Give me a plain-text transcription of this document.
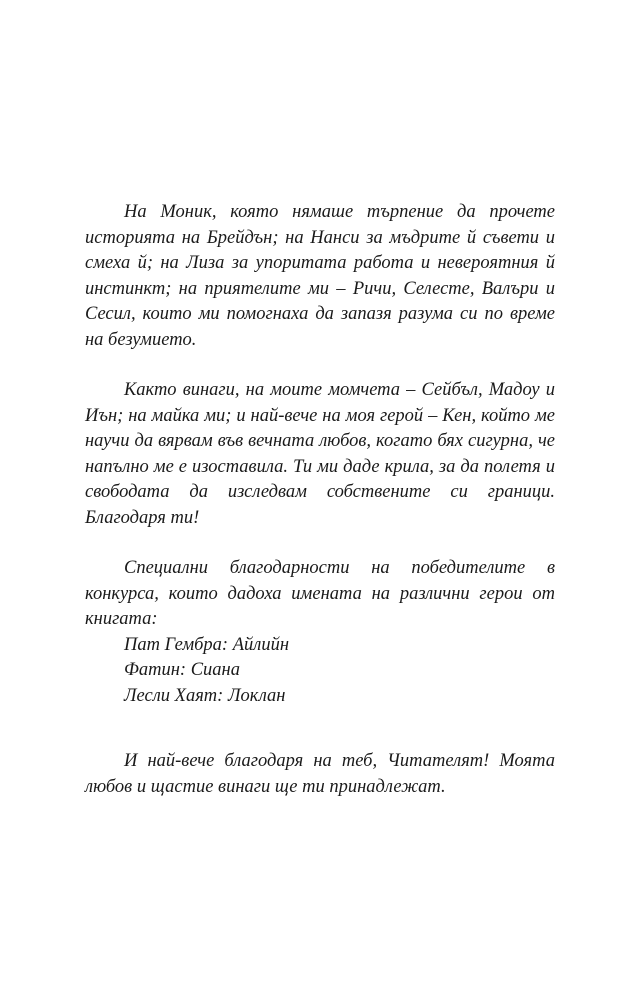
На Моник, която нямаше търпение да прочете историята на Брейдън; на Нанси за мъдрите й съвети и смеха й; на Лиза за упоритата работа и невероятния й инстинкт; на приятелите ми – Ричи, Селесте, Валъри и Сесил, които ми помогнаха да запазя разума си по време на безумието.

Както винаги, на моите момчета – Сейбъл, Мадоу и Иън; на майка ми; и най-вече на моя герой – Кен, който ме научи да вярвам във вечната любов, когато бях сигурна, че напълно ме е изоставила. Ти ми даде крила, за да полетя и свободата да изследвам собствените си граници. Благодаря ти!

Специални благодарности на победителите в конкурса, които дадоха имената на различни герои от книгата:

Пат Гембра: Айлийн
Фатин: Сиана
Лесли Хаят: Локлан

И най-вече благодаря на теб, Читателят! Моята любов и щастие винаги ще ти принадлежат.
